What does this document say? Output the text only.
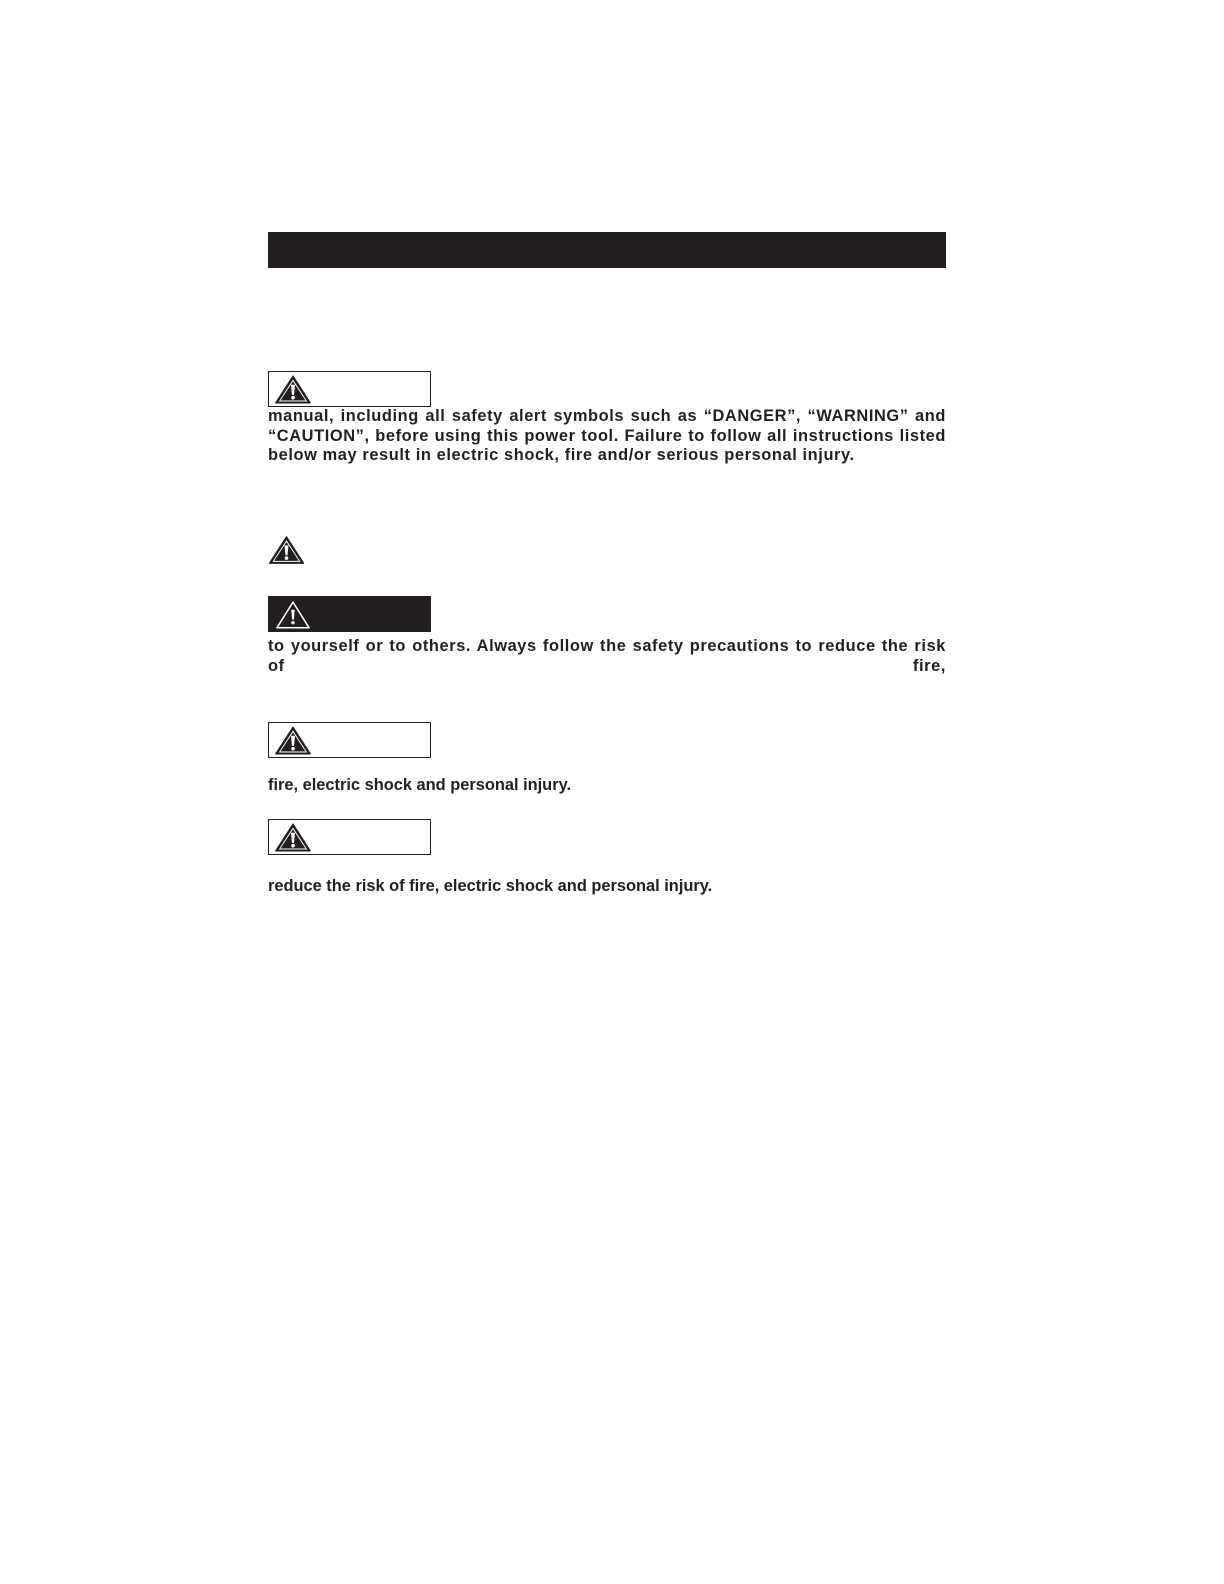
manual, including all safety alert symbols such as “DANGER”, “WARNING” and “CAUTION”, before using this power tool. Failure to follow all instructions listed below may result in electric shock, fire and/or serious personal injury.

to yourself or to others. Always follow the safety precautions to reduce the risk of fire,

fire, electric shock and personal injury.

reduce the risk of fire, electric shock and personal injury.
